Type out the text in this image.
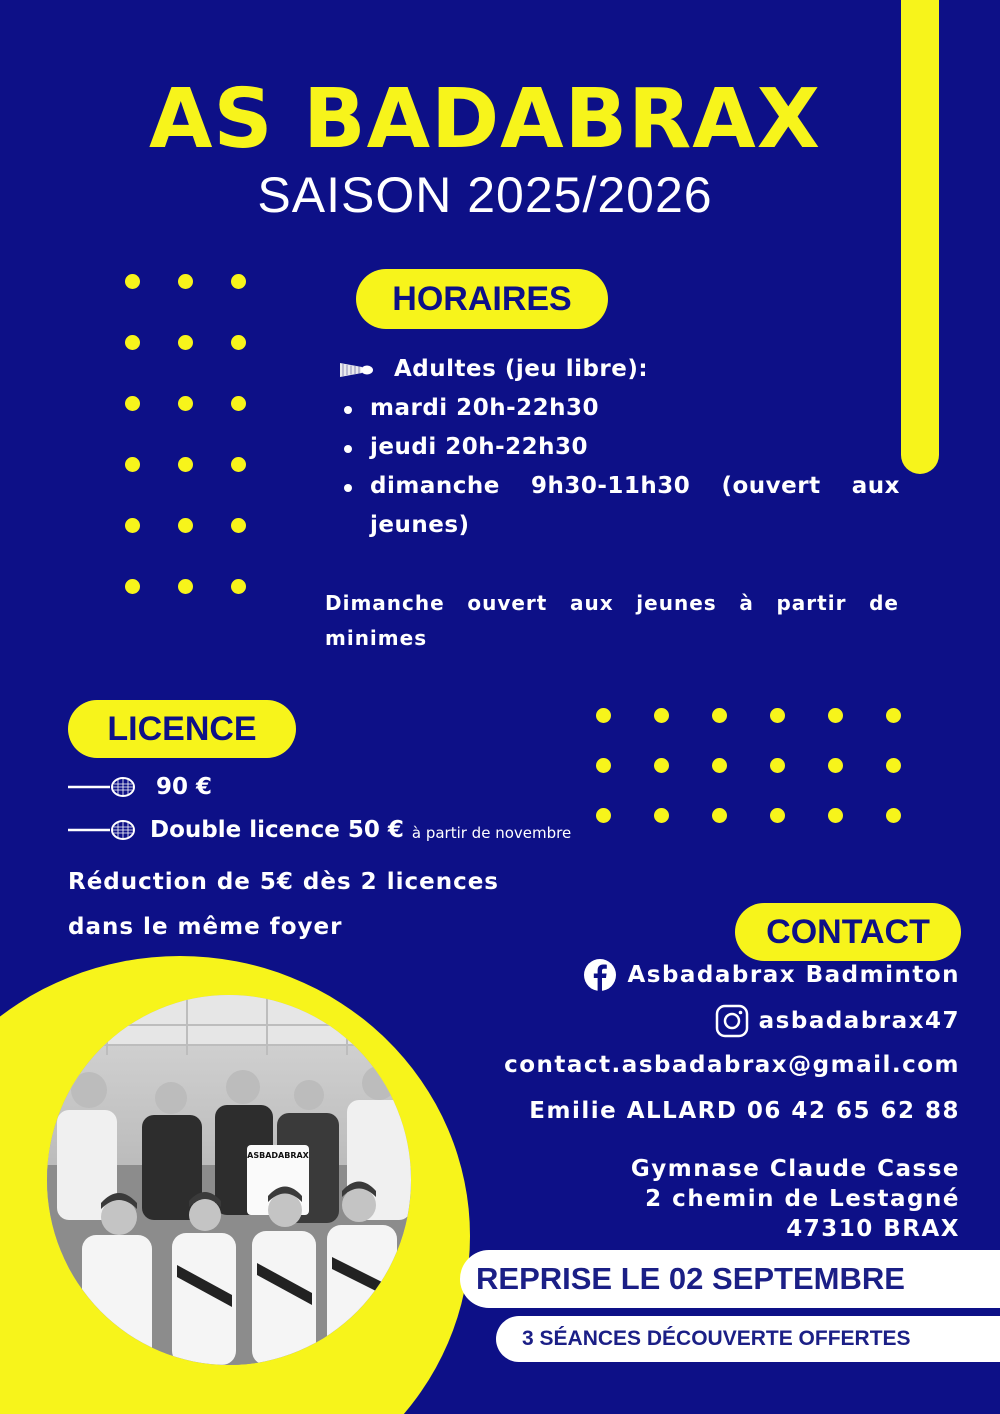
AS BADABRAX
SAISON 2025/2026
HORAIRES
Adultes (jeu libre):
mardi 20h-22h30
jeudi 20h-22h30
dimanche 9h30-11h30 (ouvert aux
jeunes)

Dimanche ouvert aux jeunes à partir de minimes

LICENCE
90 €
Double licence 50 € à partir de novembre
Réduction de 5€ dès 2 licences
dans le même foyer	CONTACT
Asbadabrax Badminton
asbadabrax47
contact.asbadabrax@gmail.com
Emilie ALLARD 06 42 65 62 88
Gymnase Claude Casse
2 chemin de Lestagné
47310 BRAX
ASBADABRAX
REPRISE LE 02 SEPTEMBRE
3 SÉANCES DÉCOUVERTE OFFERTES
